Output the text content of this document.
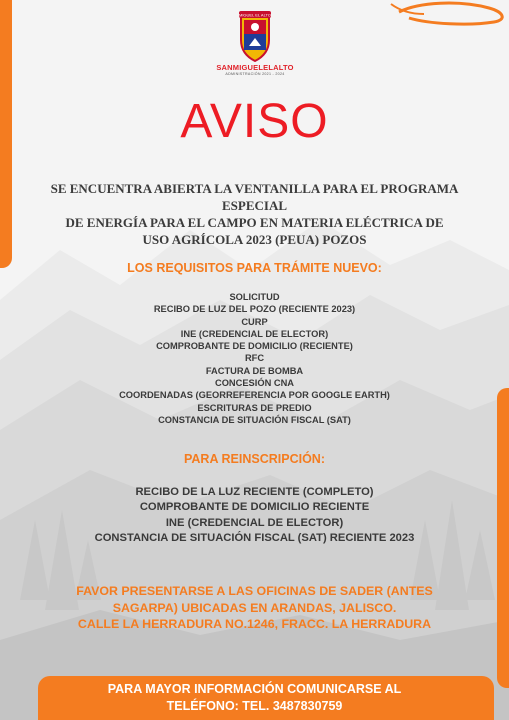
MIGUEL EL ALTO
SANMIGUELELALTO
ADMINISTRACIÓN 2021 - 2024
AVISO
SE ENCUENTRA ABIERTA LA VENTANILLA PARA EL PROGRAMA ESPECIAL
DE ENERGÍA PARA EL CAMPO EN MATERIA ELÉCTRICA DE
USO AGRÍCOLA 2023 (PEUA) POZOS
LOS REQUISITOS PARA TRÁMITE NUEVO:
SOLICITUD
RECIBO DE LUZ DEL POZO (RECIENTE 2023)
CURP
INE (CREDENCIAL DE ELECTOR)
COMPROBANTE DE DOMICILIO (RECIENTE)
RFC
FACTURA DE BOMBA
CONCESIÓN CNA
COORDENADAS (GEORREFERENCIA POR GOOGLE EARTH)
ESCRITURAS DE PREDIO
CONSTANCIA DE SITUACIÓN FISCAL (SAT)
PARA REINSCRIPCIÓN:
RECIBO DE LA LUZ RECIENTE (COMPLETO)
COMPROBANTE DE DOMICILIO RECIENTE
INE (CREDENCIAL DE ELECTOR)
CONSTANCIA DE SITUACIÓN FISCAL (SAT) RECIENTE 2023
FAVOR PRESENTARSE A LAS OFICINAS DE SADER (ANTES
SAGARPA) UBICADAS EN ARANDAS, JALISCO.
CALLE LA HERRADURA NO.1246, FRACC. LA HERRADURA
PARA MAYOR INFORMACIÓN COMUNICARSE AL
TELÉFONO: TEL. 3487830759
